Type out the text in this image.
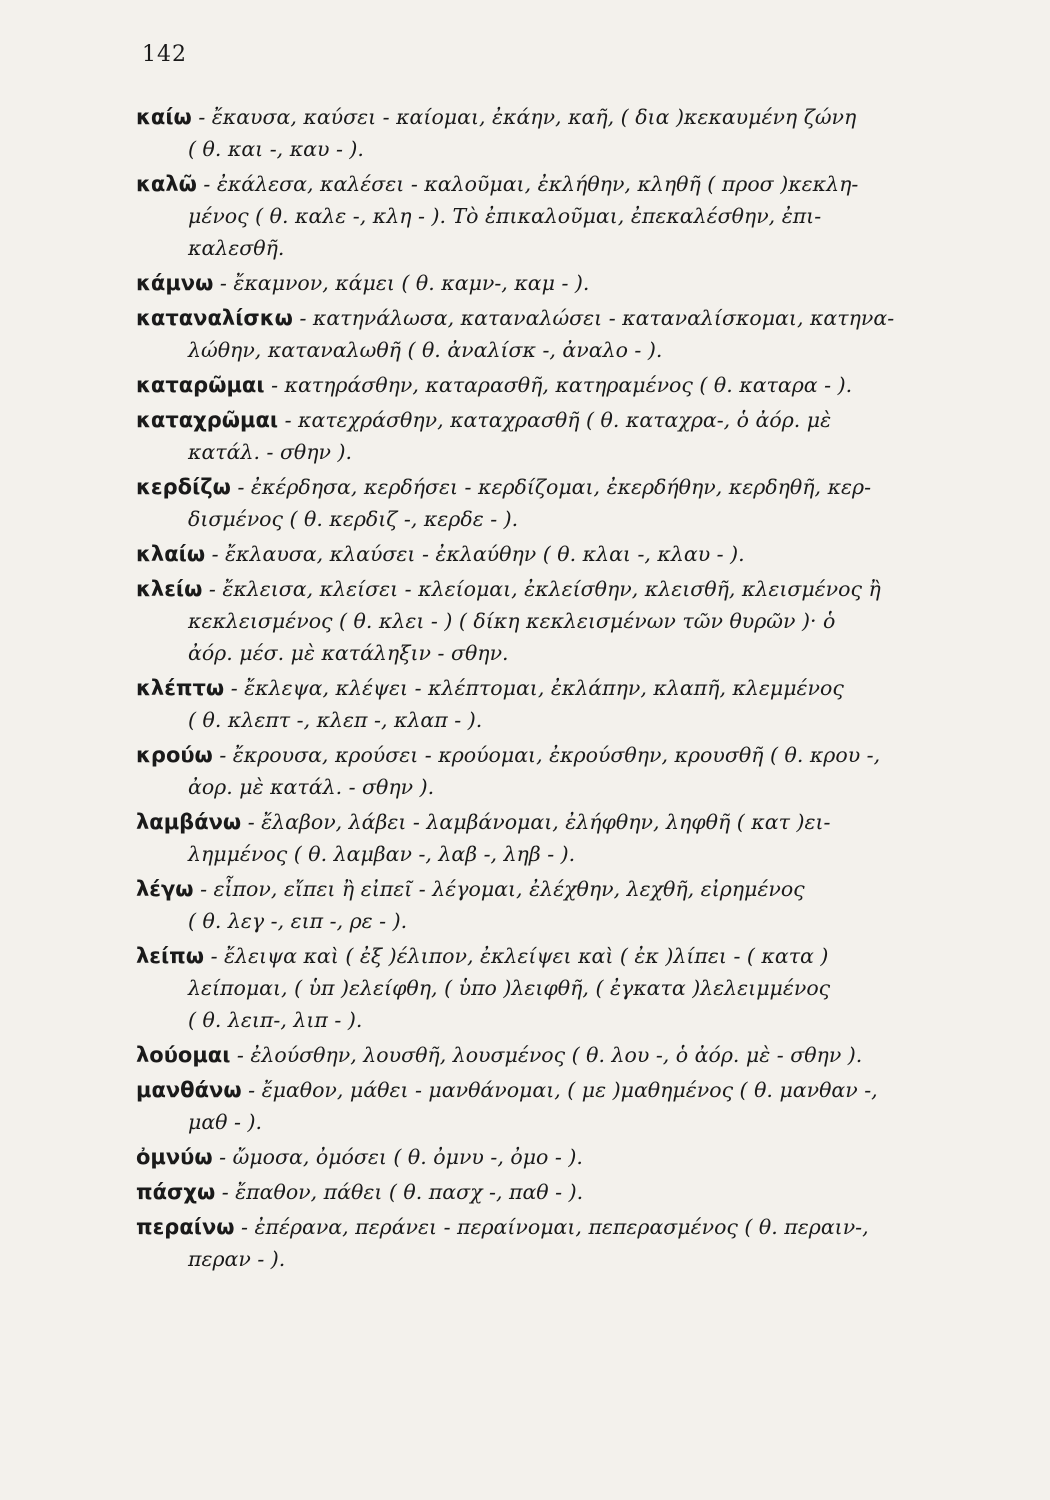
142
καίω - ἔκαυσα, καύσει - καίομαι, ἐκάην, καῆ, ( δια )κεκαυμένη ζώνη
( θ. και -, καυ - ).
καλῶ - ἐκάλεσα, καλέσει - καλοῦμαι, ἐκλήθην, κληθῆ ( προσ )κεκλη-
μένος ( θ. καλε -, κλη - ). Τὸ ἐπικαλοῦμαι, ἐπεκαλέσθην, ἐπι-
καλεσθῆ.
κάμνω - ἔκαμνον, κάμει ( θ. καμν-, καμ - ).
καταναλίσκω - κατηνάλωσα, καταναλώσει - καταναλίσκομαι, κατηνα-
λώθην, καταναλωθῆ ( θ. ἀναλίσκ -, ἀναλο - ).
καταρῶμαι - κατηράσθην, καταρασθῆ, κατηραμένος ( θ. καταρα - ).
καταχρῶμαι - κατεχράσθην, καταχρασθῆ ( θ. καταχρα-, ὁ ἀόρ. μὲ
κατάλ. - σθην ).
κερδίζω - ἐκέρδησα, κερδήσει - κερδίζομαι, ἐκερδήθην, κερδηθῆ, κερ-
δισμένος ( θ. κερδιζ -, κερδε - ).
κλαίω - ἔκλαυσα, κλαύσει - ἐκλαύθην ( θ. κλαι -, κλαυ - ).
κλείω - ἔκλεισα, κλείσει - κλείομαι, ἐκλείσθην, κλεισθῆ, κλεισμένος ἢ
κεκλεισμένος ( θ. κλει - ) ( δίκη κεκλεισμένων τῶν θυρῶν )· ὁ
ἀόρ. μέσ. μὲ κατάληξιν - σθην.
κλέπτω - ἔκλεψα, κλέψει - κλέπτομαι, ἐκλάπην, κλαπῆ, κλεμμένος
( θ. κλεπτ -, κλεπ -, κλαπ - ).
κρούω - ἔκρουσα, κρούσει - κρούομαι, ἐκρούσθην, κρουσθῆ ( θ. κρου -,
ἀορ. μὲ κατάλ. - σθην ).
λαμβάνω - ἔλαβον, λάβει - λαμβάνομαι, ἐλήφθην, ληφθῆ ( κατ )ει-
λημμένος ( θ. λαμβαν -, λαβ -, ληβ - ).
λέγω - εἶπον, εἴπει ἢ εἰπεῖ - λέγομαι, ἐλέχθην, λεχθῆ, εἰρημένος
( θ. λεγ -, ειπ -, ρε - ).
λείπω - ἔλειψα καὶ ( ἐξ )έλιπον, ἐκλείψει καὶ ( ἐκ )λίπει - ( κατα )
λείπομαι, ( ὑπ )ελείφθη, ( ὑπο )λειφθῆ, ( ἐγκατα )λελειμμένος
( θ. λειπ-, λιπ - ).
λούομαι - ἐλούσθην, λουσθῆ, λουσμένος ( θ. λου -, ὁ ἀόρ. μὲ - σθην ).
μανθάνω - ἔμαθον, μάθει - μανθάνομαι, ( με )μαθημένος ( θ. μανθαν -,
μαθ - ).
ὀμνύω - ὤμοσα, ὀμόσει ( θ. ὀμνυ -, ὀμο - ).
πάσχω - ἔπαθον, πάθει ( θ. πασχ -, παθ - ).
περαίνω - ἐπέρανα, περάνει - περαίνομαι, πεπερασμένος ( θ. περαιν-,
περαν - ).
